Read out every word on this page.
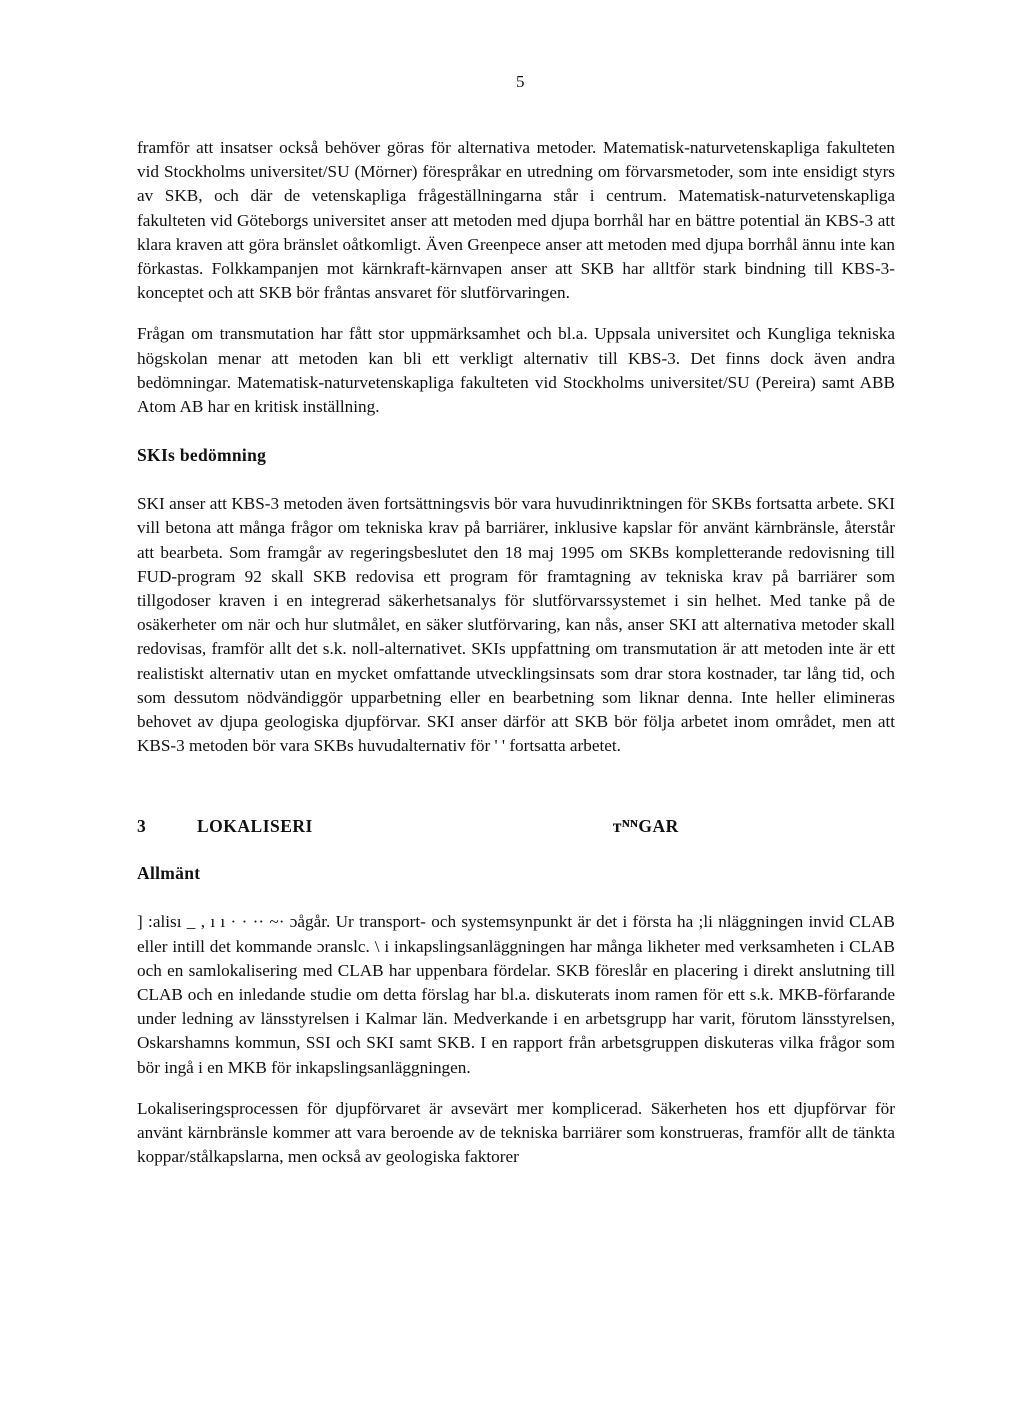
5

framför att insatser också behöver göras för alternativa metoder. Matematisk-naturvetenskapliga fakulteten vid Stockholms universitet/SU (Mörner) förespråkar en utredning om förvarsmetoder, som inte ensidigt styrs av SKB, och där de vetenskapliga frågeställningarna står i centrum. Matematisk-naturvetenskapliga fakulteten vid Göteborgs universitet anser att metoden med djupa borrhål har en bättre potential än KBS-3 att klara kraven att göra bränslet oåtkomligt. Även Greenpece anser att metoden med djupa borrhål ännu inte kan förkastas. Folkkampanjen mot kärnkraft-kärnvapen anser att SKB har alltför stark bindning till KBS-3-konceptet och att SKB bör fråntas ansvaret för slutförvaringen.

Frågan om transmutation har fått stor uppmärksamhet och bl.a. Uppsala universitet och Kungliga tekniska högskolan menar att metoden kan bli ett verkligt alternativ till KBS-3. Det finns dock även andra bedömningar. Matematisk-naturvetenskapliga fakulteten vid Stockholms universitet/SU (Pereira) samt ABB Atom AB har en kritisk inställning.

SKIs bedömning

SKI anser att KBS-3 metoden även fortsättningsvis bör vara huvudinriktningen för SKBs fortsatta arbete. SKI vill betona att många frågor om tekniska krav på barriärer, inklusive kapslar för använt kärnbränsle, återstår att bearbeta. Som framgår av regeringsbeslutet den 18 maj 1995 om SKBs kompletterande redovisning till FUD-program 92 skall SKB redovisa ett program för framtagning av tekniska krav på barriärer som tillgodoser kraven i en integrerad säkerhetsanalys för slutförvarssystemet i sin helhet. Med tanke på de osäkerheter om när och hur slutmålet, en säker slutförvaring, kan nås, anser SKI att alternativa metoder skall redovisas, framför allt det s.k. noll-alternativet. SKIs uppfattning om transmutation är att metoden inte är ett realistiskt alternativ utan en mycket omfattande utvecklingsinsats som drar stora kostnader, tar lång tid, och som dessutom nödvändiggör upparbetning eller en bearbetning som liknar denna. Inte heller elimineras behovet av djupa geologiska djupförvar. SKI anser därför att SKB bör följa arbetet inom området, men att KBS-3 metoden bör vara SKBs huvudalternativ för ' ' fortsatta arbetet.

3	LOKALISERI	ᴛᴺᴺGAR
Allmänt

] :alisı _ , ı ı · · ·· ~· ɔågår. Ur transport- och systemsynpunkt är det i första ha ;li nläggningen invid CLAB eller intill det kommande ɔranslc. \ i inkapslingsanläggningen har många likheter med verksamheten i CLAB och en samlokalisering med CLAB har uppenbara fördelar. SKB föreslår en placering i direkt anslutning till CLAB och en inledande studie om detta förslag har bl.a. diskuterats inom ramen för ett s.k. MKB-förfarande under ledning av länsstyrelsen i Kalmar län. Medverkande i en arbetsgrupp har varit, förutom länsstyrelsen, Oskarshamns kommun, SSI och SKI samt SKB. I en rapport från arbetsgruppen diskuteras vilka frågor som bör ingå i en MKB för inkapslingsanläggningen.

Lokaliseringsprocessen för djupförvaret är avsevärt mer komplicerad. Säkerheten hos ett djupförvar för använt kärnbränsle kommer att vara beroende av de tekniska barriärer som konstrueras, framför allt de tänkta koppar/stålkapslarna, men också av geologiska faktorer
